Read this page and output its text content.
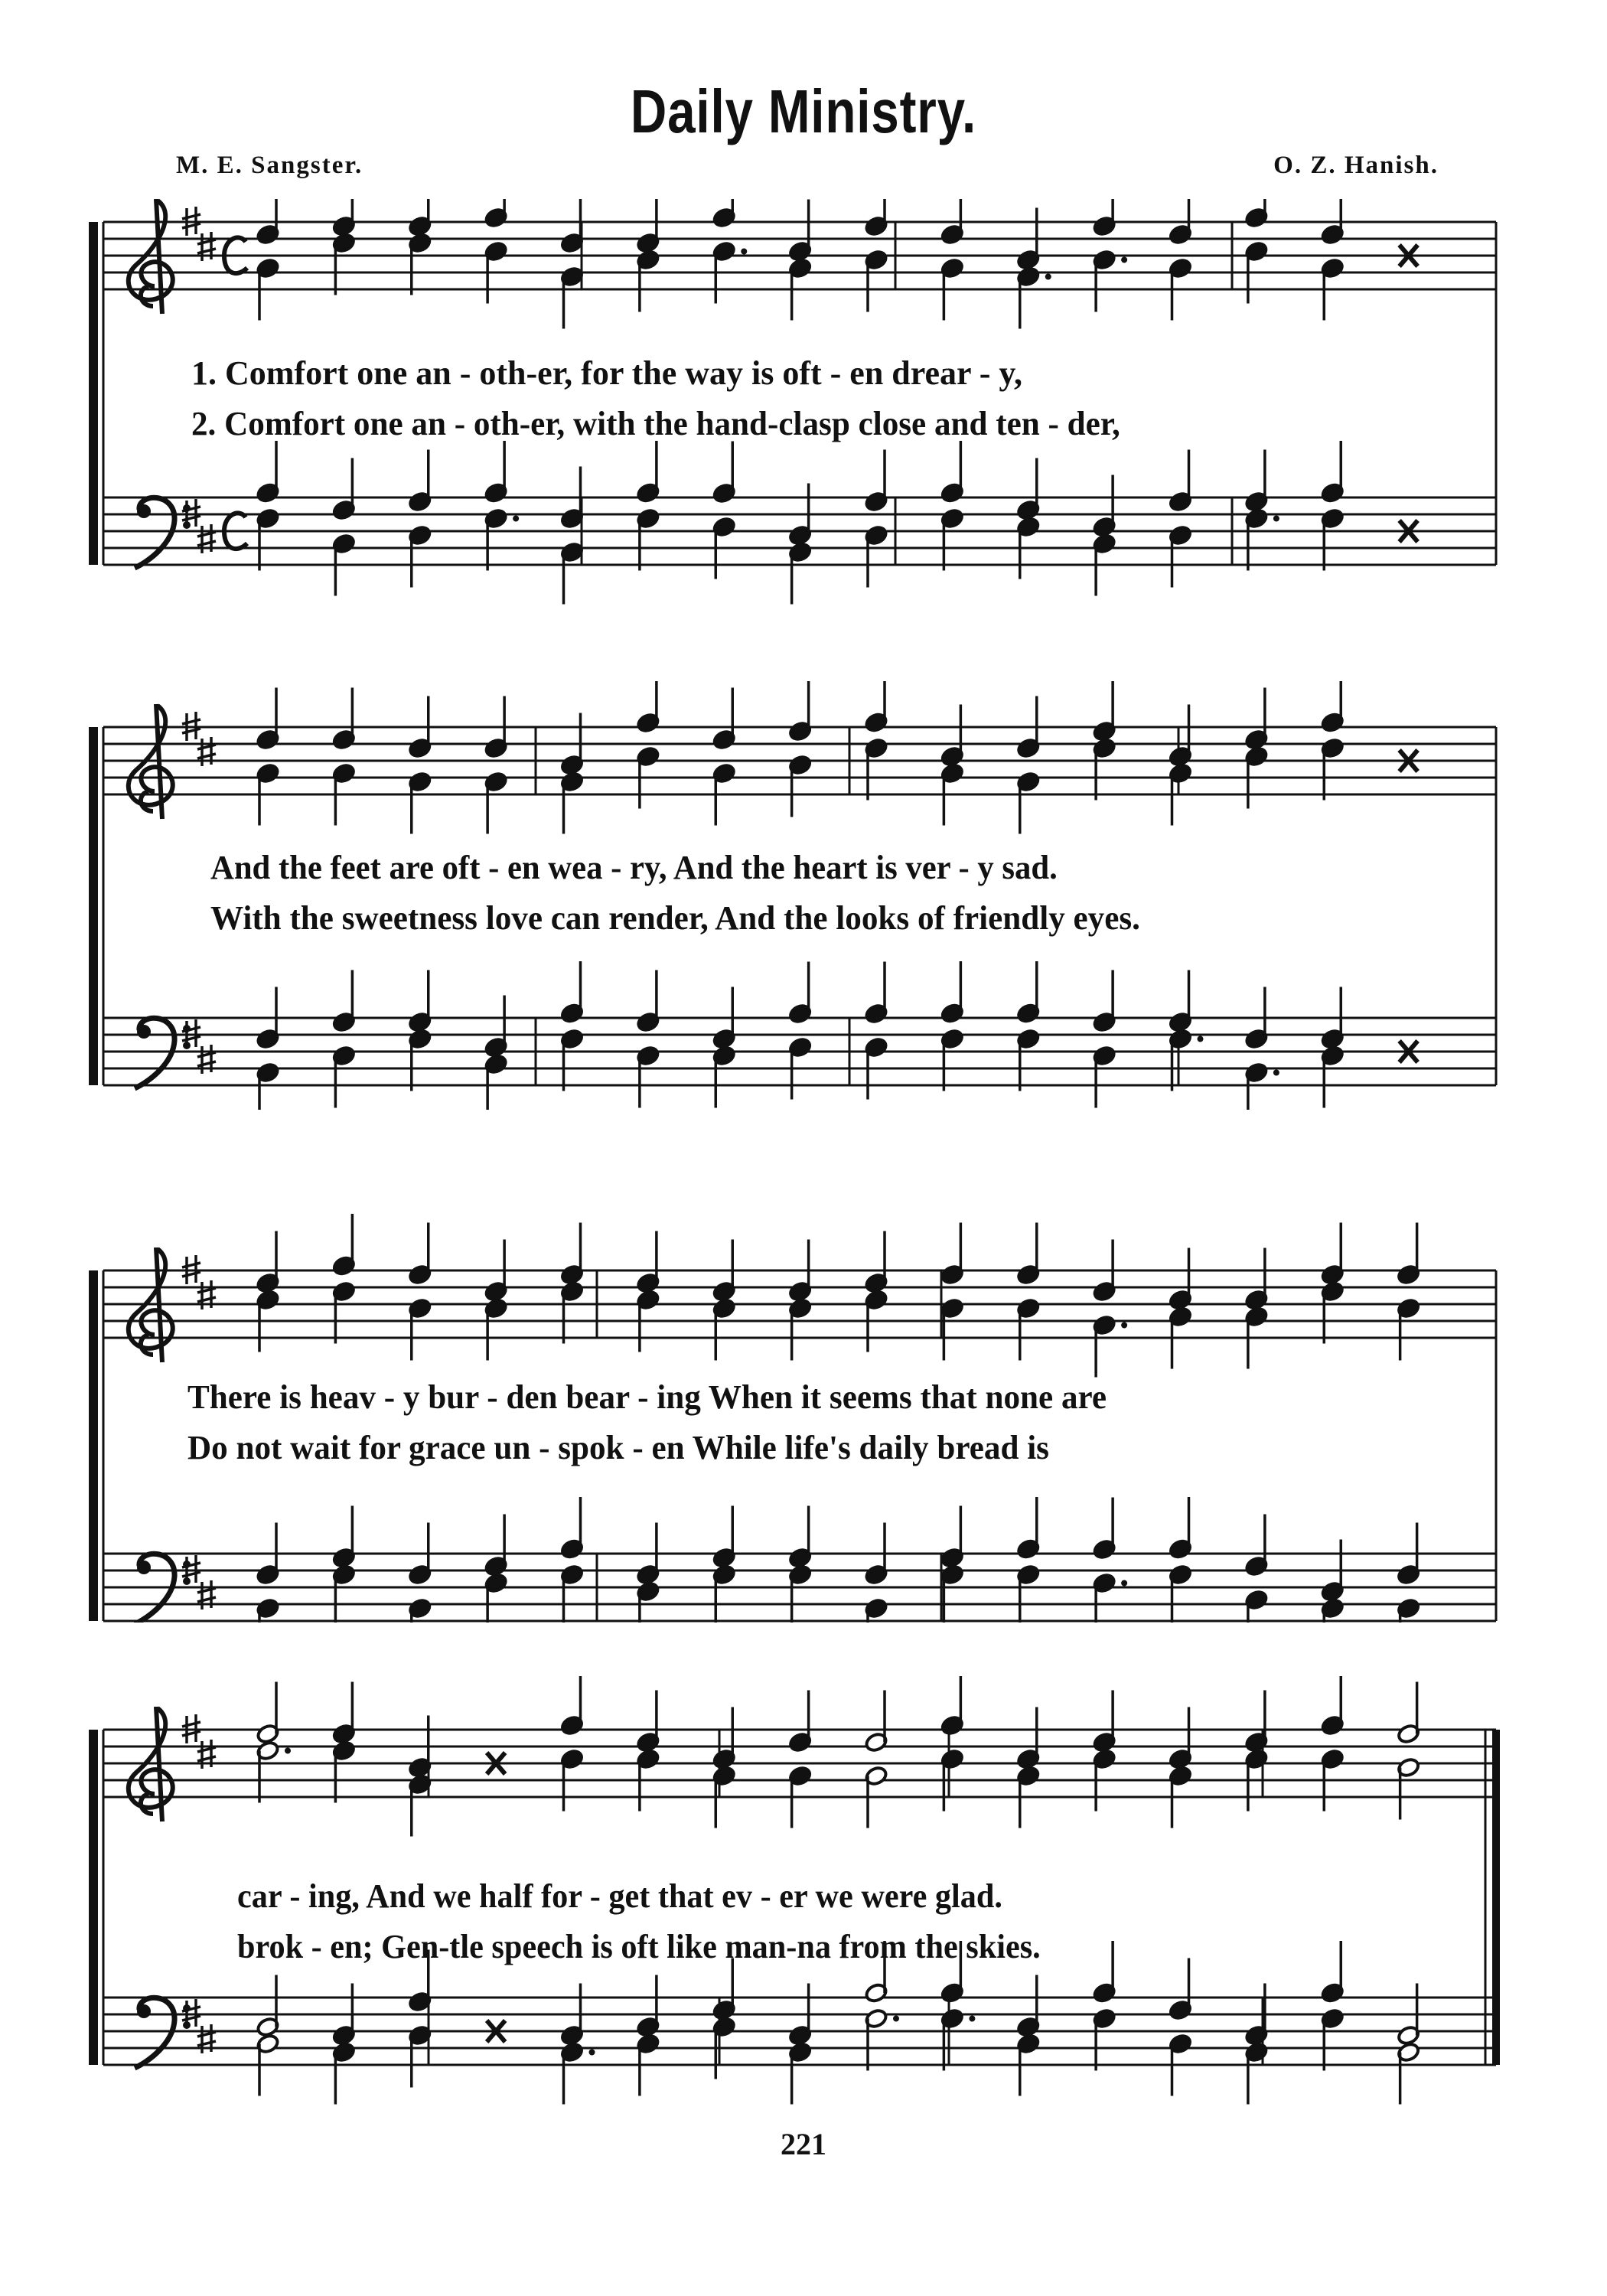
Daily Ministry.
M. E. Sangster.	O. Z. Hanish.
1. Comfort one an - oth-er, for the way is oft - en drear - y,
2. Comfort one an - oth-er, with the hand-clasp close and ten - der,
And the feet are oft - en wea - ry, And the heart is ver - y sad.
With the sweetness love can render, And the looks of friendly eyes.
There is heav - y bur - den bear - ing When it seems that none are
Do not wait for grace un - spok - en While life's daily bread is
car - ing, And we half for - get that ev - er we were glad.
brok - en; Gen-tle speech is oft like man-na from the skies.
221
